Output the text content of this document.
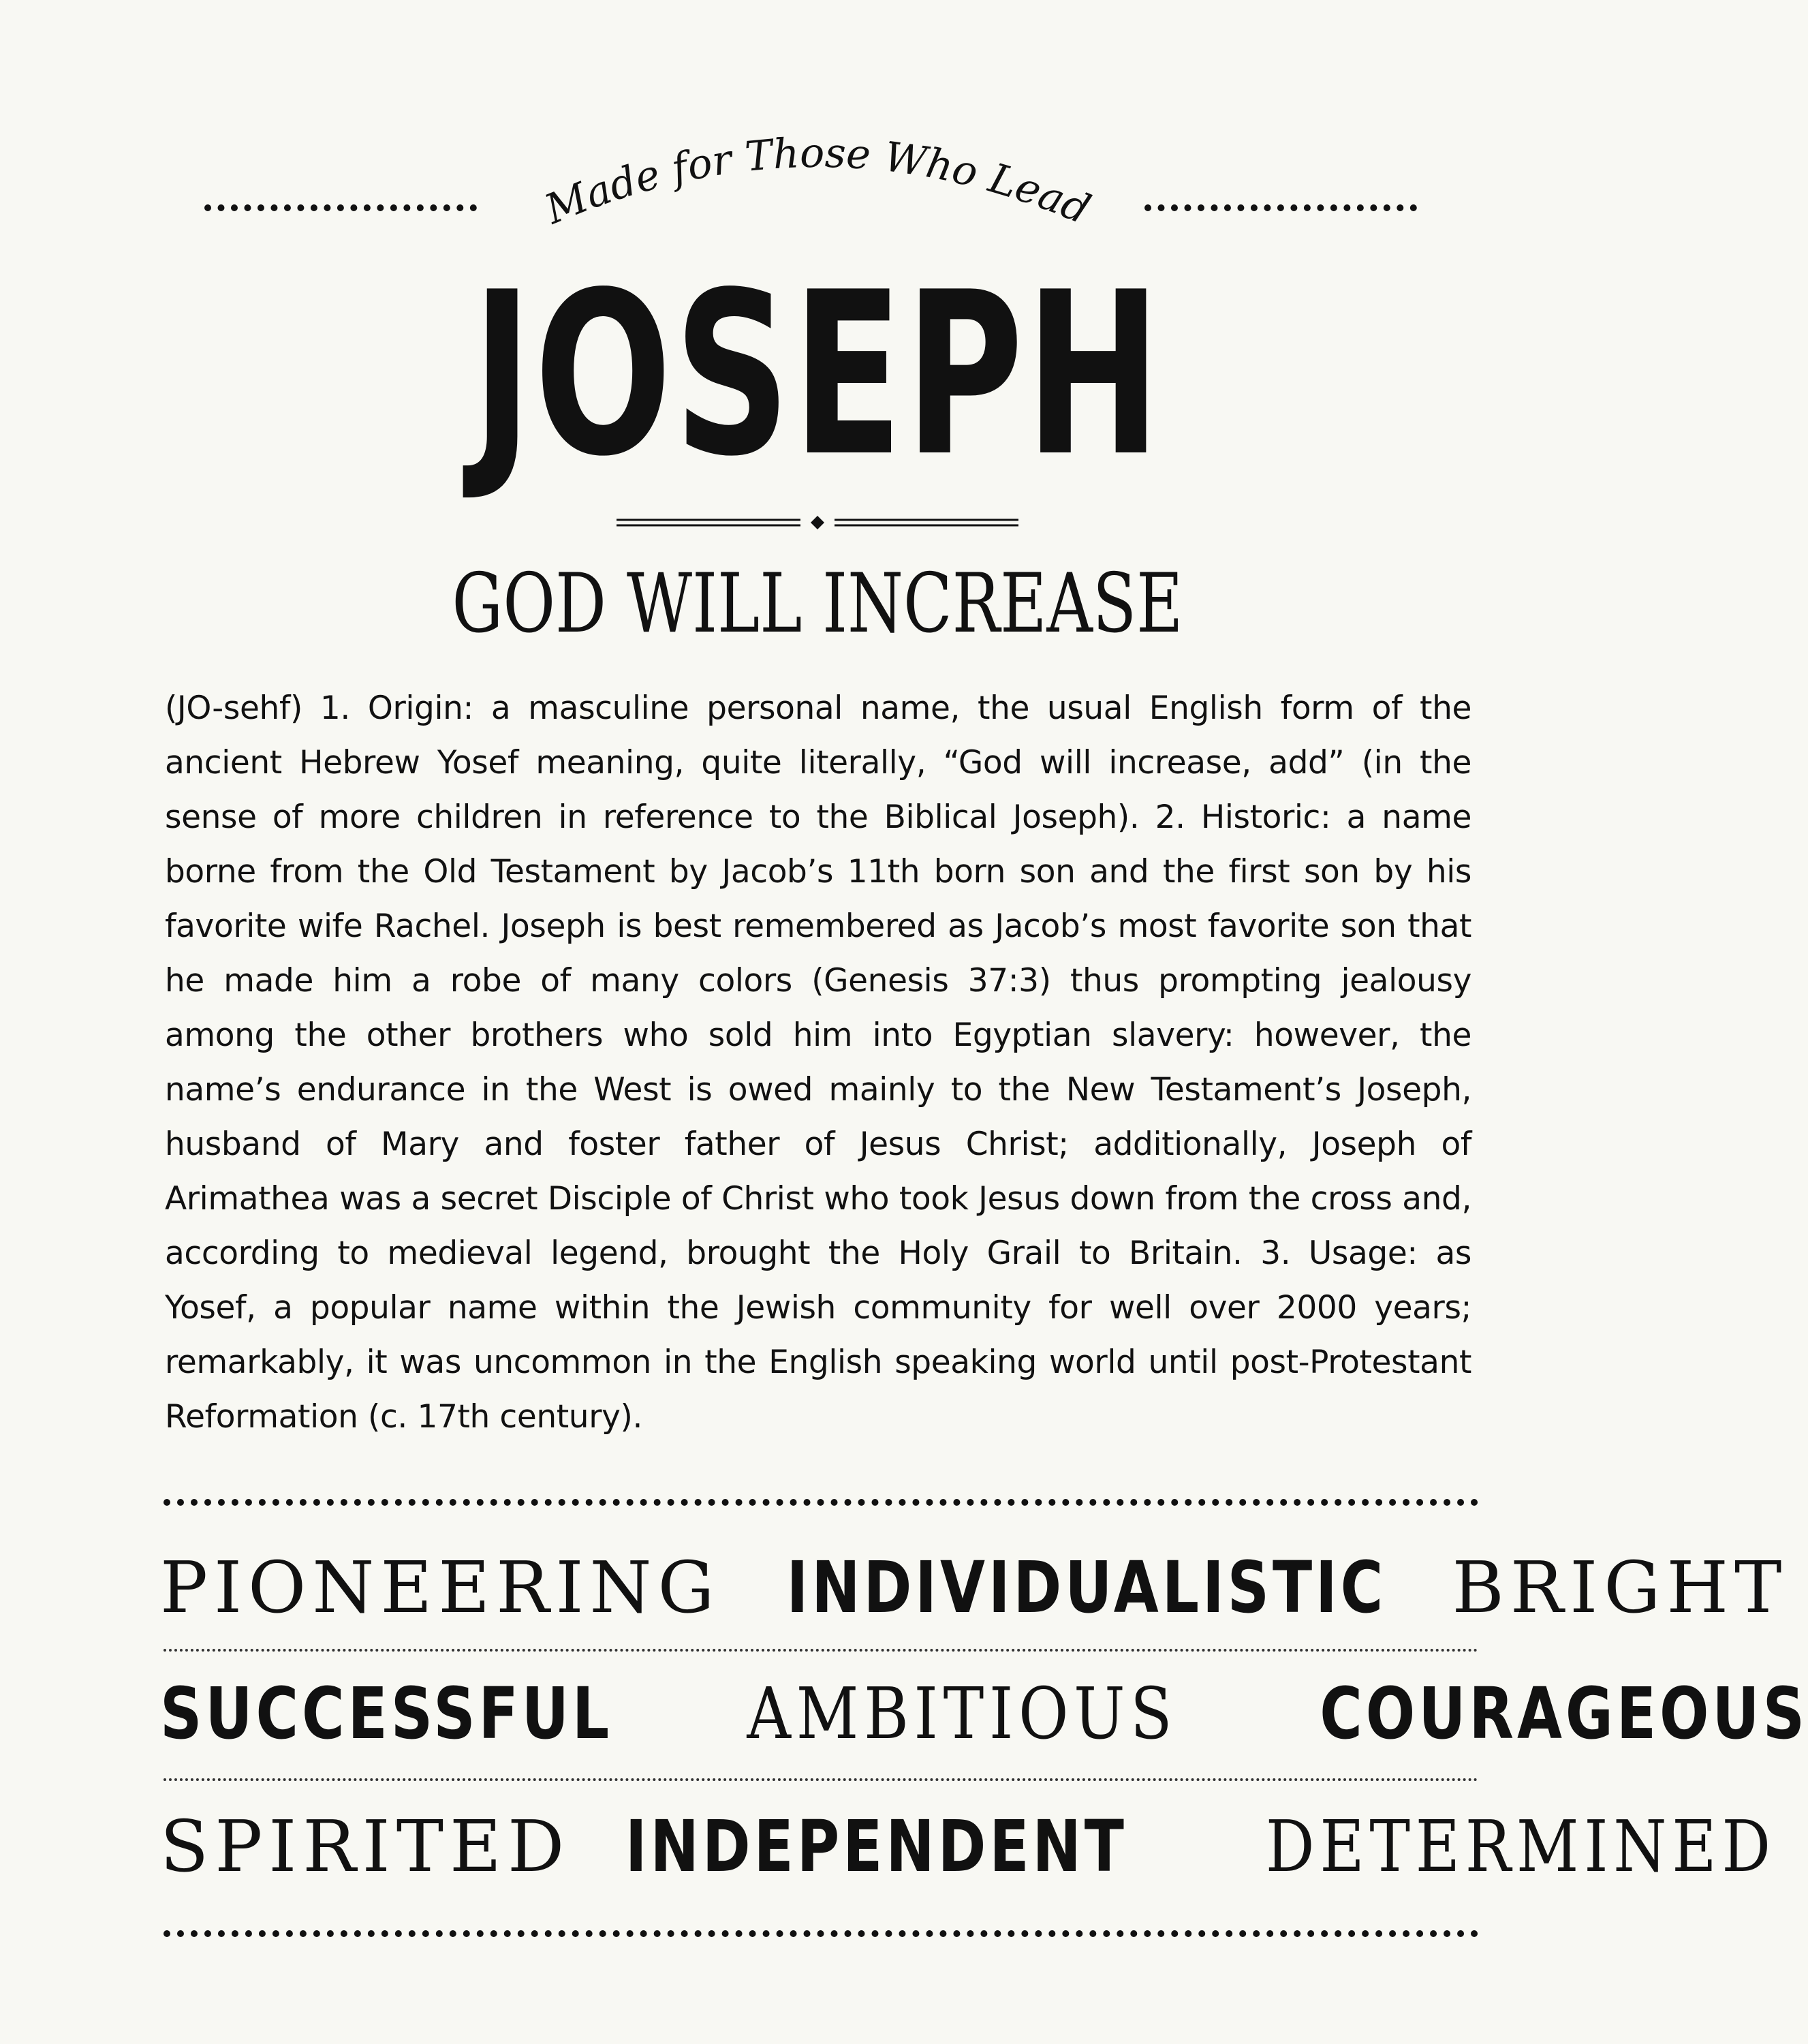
Made for Those Who Lead
JOSEPH
GOD WILL INCREASE
(JO-sehf) 1. Origin: a masculine personal name, the usual English form of the ancient Hebrew Yosef meaning, quite literally, “God will increase, add” (in the sense of more children in reference to the Biblical Joseph). 2. Historic: a name borne from the Old Testament by Jacob’s 11th born son and the first son by his favorite wife Rachel. Joseph is best remembered as Jacob’s most favorite son that he made him a robe of many colors (Genesis 37:3) thus prompting jealousy among the other brothers who sold him into Egyptian slavery: however, the name’s endurance in the West is owed mainly to the New Testament’s Joseph, husband of Mary and foster father of Jesus Christ; additionally, Joseph of Arimathea was a secret Disciple of Christ who took Jesus down from the cross and, according to medieval legend, brought the Holy Grail to Britain. 3. Usage: as Yosef, a popular name within the Jewish community for well over 2000 years; remarkably, it was uncommon in the English speaking world until post-Protestant Reformation (c. 17th century).
PIONEERING INDIVIDUALISTIC BRIGHT
SUCCESSFUL AMBITIOUS COURAGEOUS
SPIRITED INDEPENDENT DETERMINED
